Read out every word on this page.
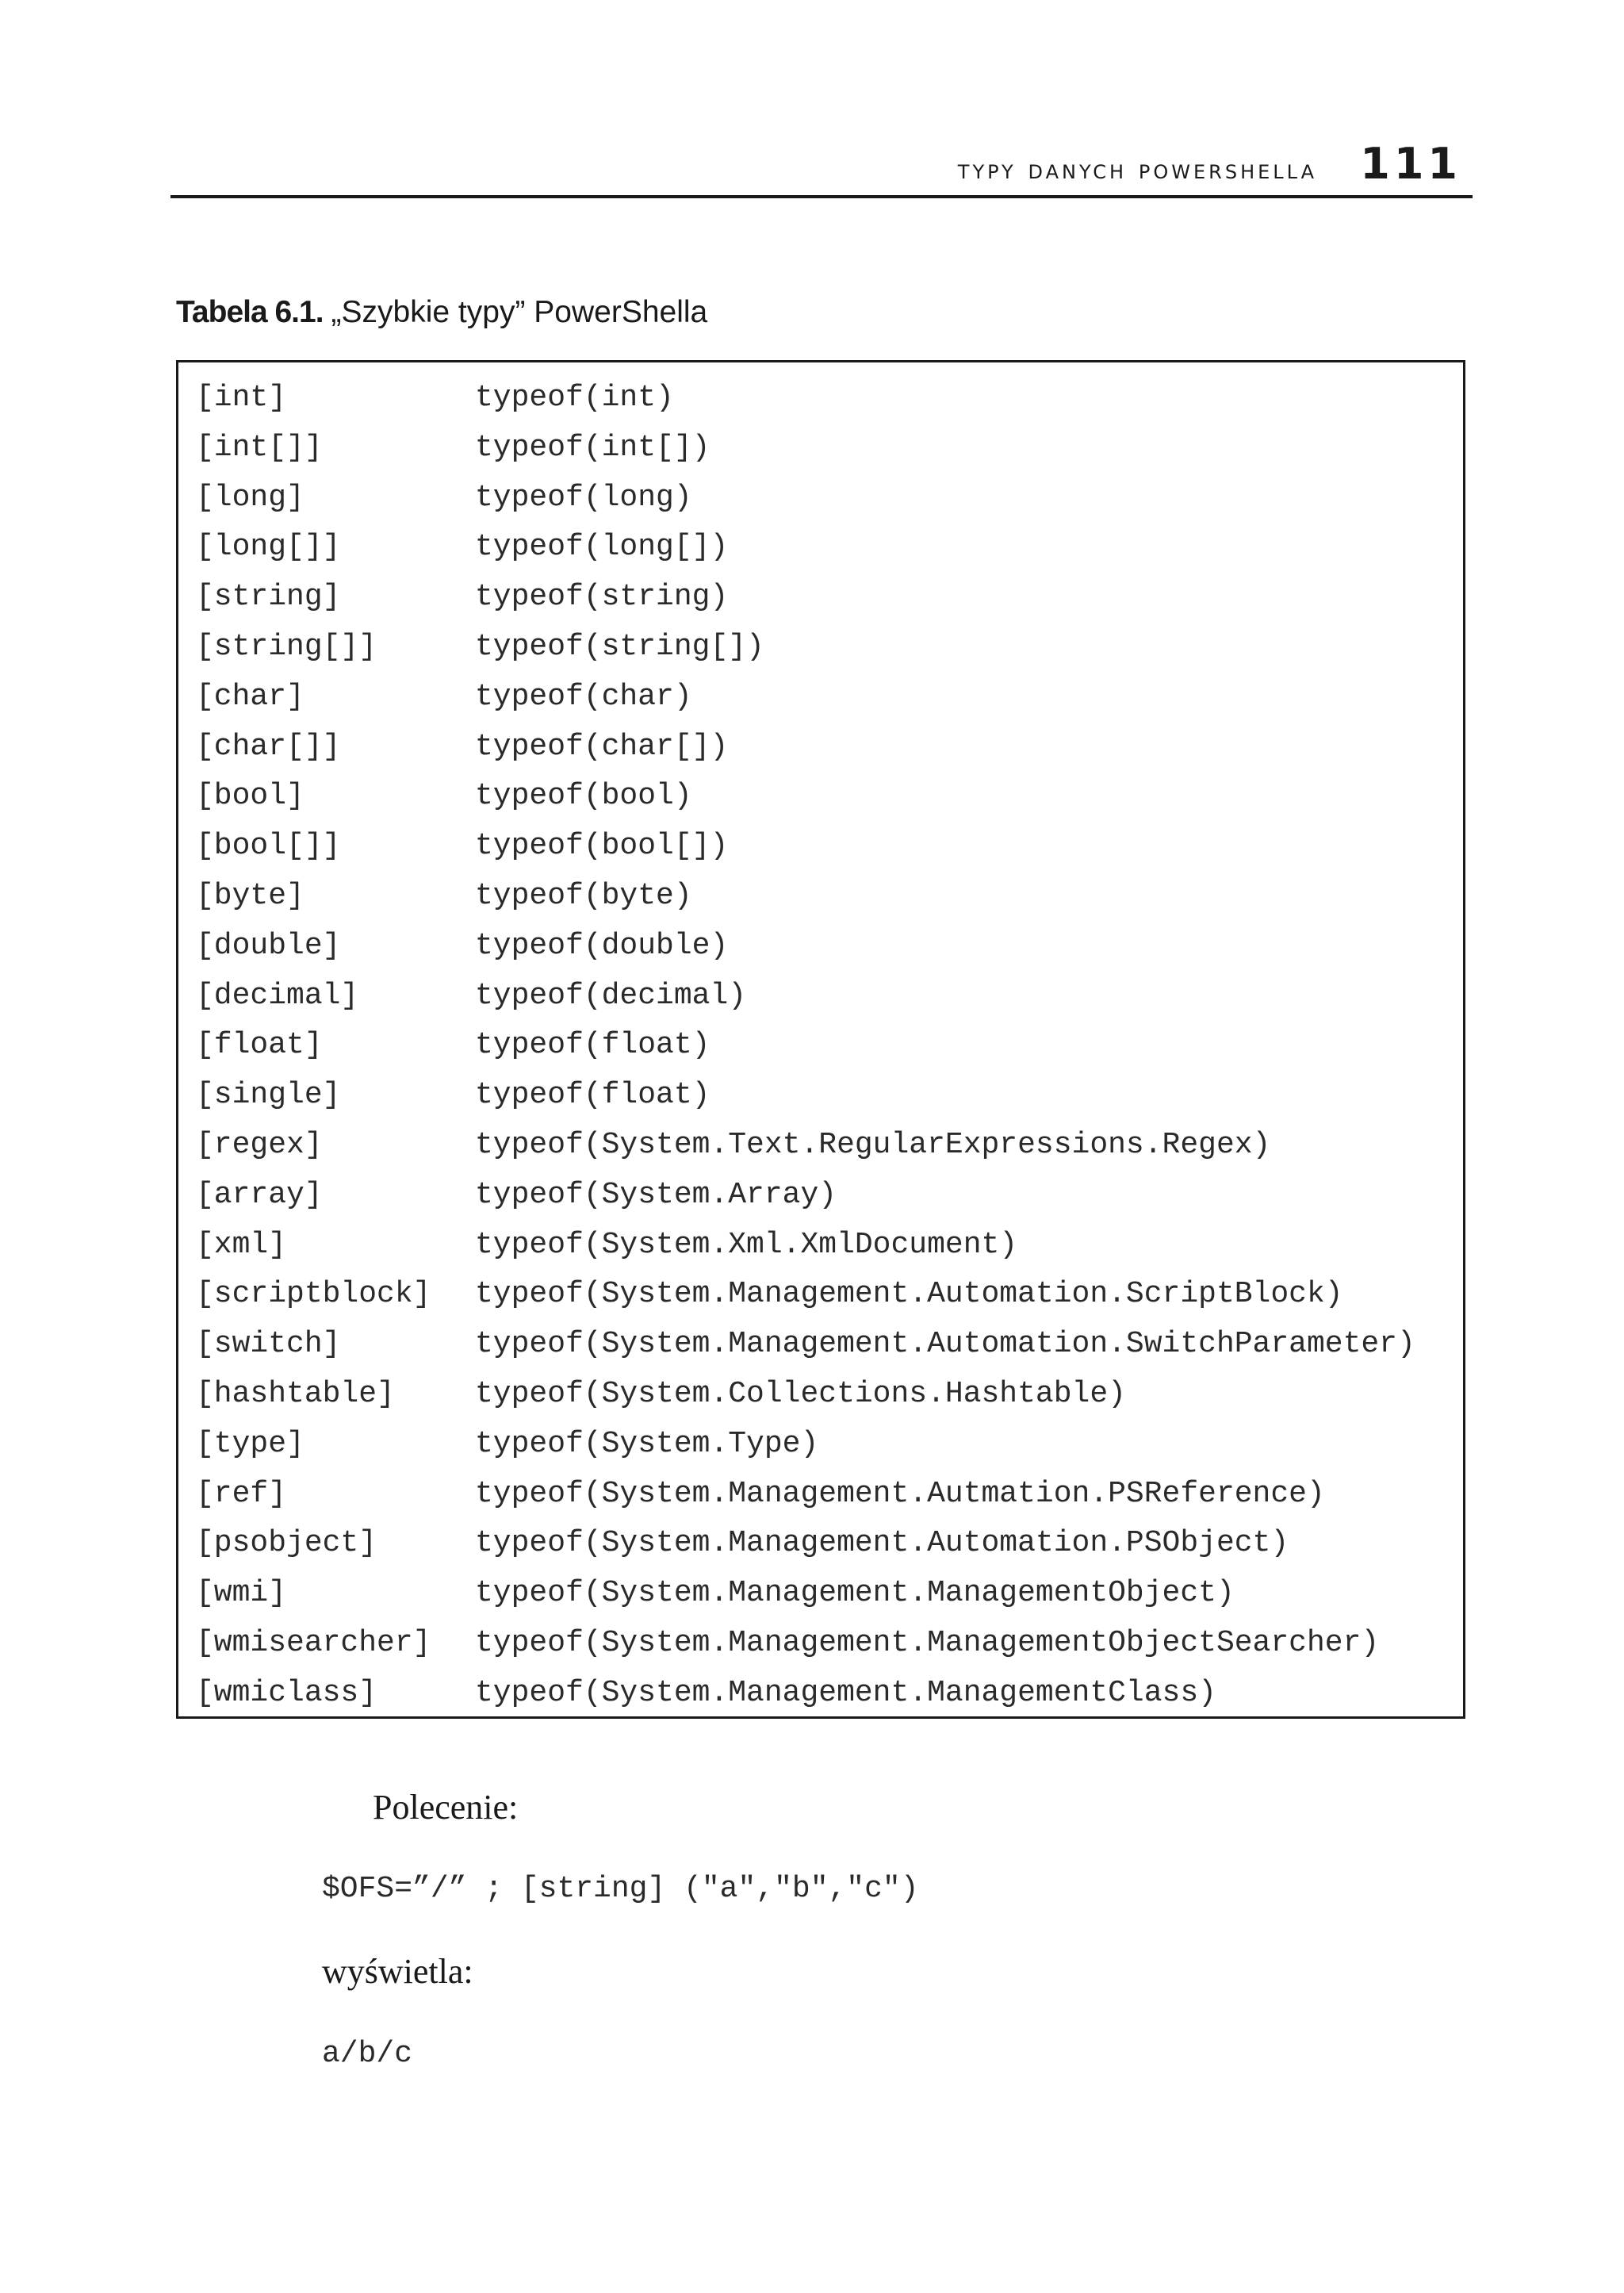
typy danych powershella 111
Tabela 6.1. „Szybkie typy” PowerShella
[int]	typeof(int)
[int[]]	typeof(int[])
[long]	typeof(long)
[long[]]	typeof(long[])
[string]	typeof(string)
[string[]]	typeof(string[])
[char]	typeof(char)
[char[]]	typeof(char[])
[bool]	typeof(bool)
[bool[]]	typeof(bool[])
[byte]	typeof(byte)
[double]	typeof(double)
[decimal]	typeof(decimal)
[float]	typeof(float)
[single]	typeof(float)
[regex]	typeof(System.Text.RegularExpressions.Regex)
[array]	typeof(System.Array)
[xml]	typeof(System.Xml.XmlDocument)
[scriptblock]	typeof(System.Management.Automation.ScriptBlock)
[switch]	typeof(System.Management.Automation.SwitchParameter)
[hashtable]	typeof(System.Collections.Hashtable)
[type]	typeof(System.Type)
[ref]	typeof(System.Management.Autmation.PSReference)
[psobject]	typeof(System.Management.Automation.PSObject)
[wmi]	typeof(System.Management.ManagementObject)
[wmisearcher]	typeof(System.Management.ManagementObjectSearcher)
[wmiclass]	typeof(System.Management.ManagementClass)
Polecenie:
$OFS=”/” ; [string] ("a","b","c")
wyświetla:
a/b/c
